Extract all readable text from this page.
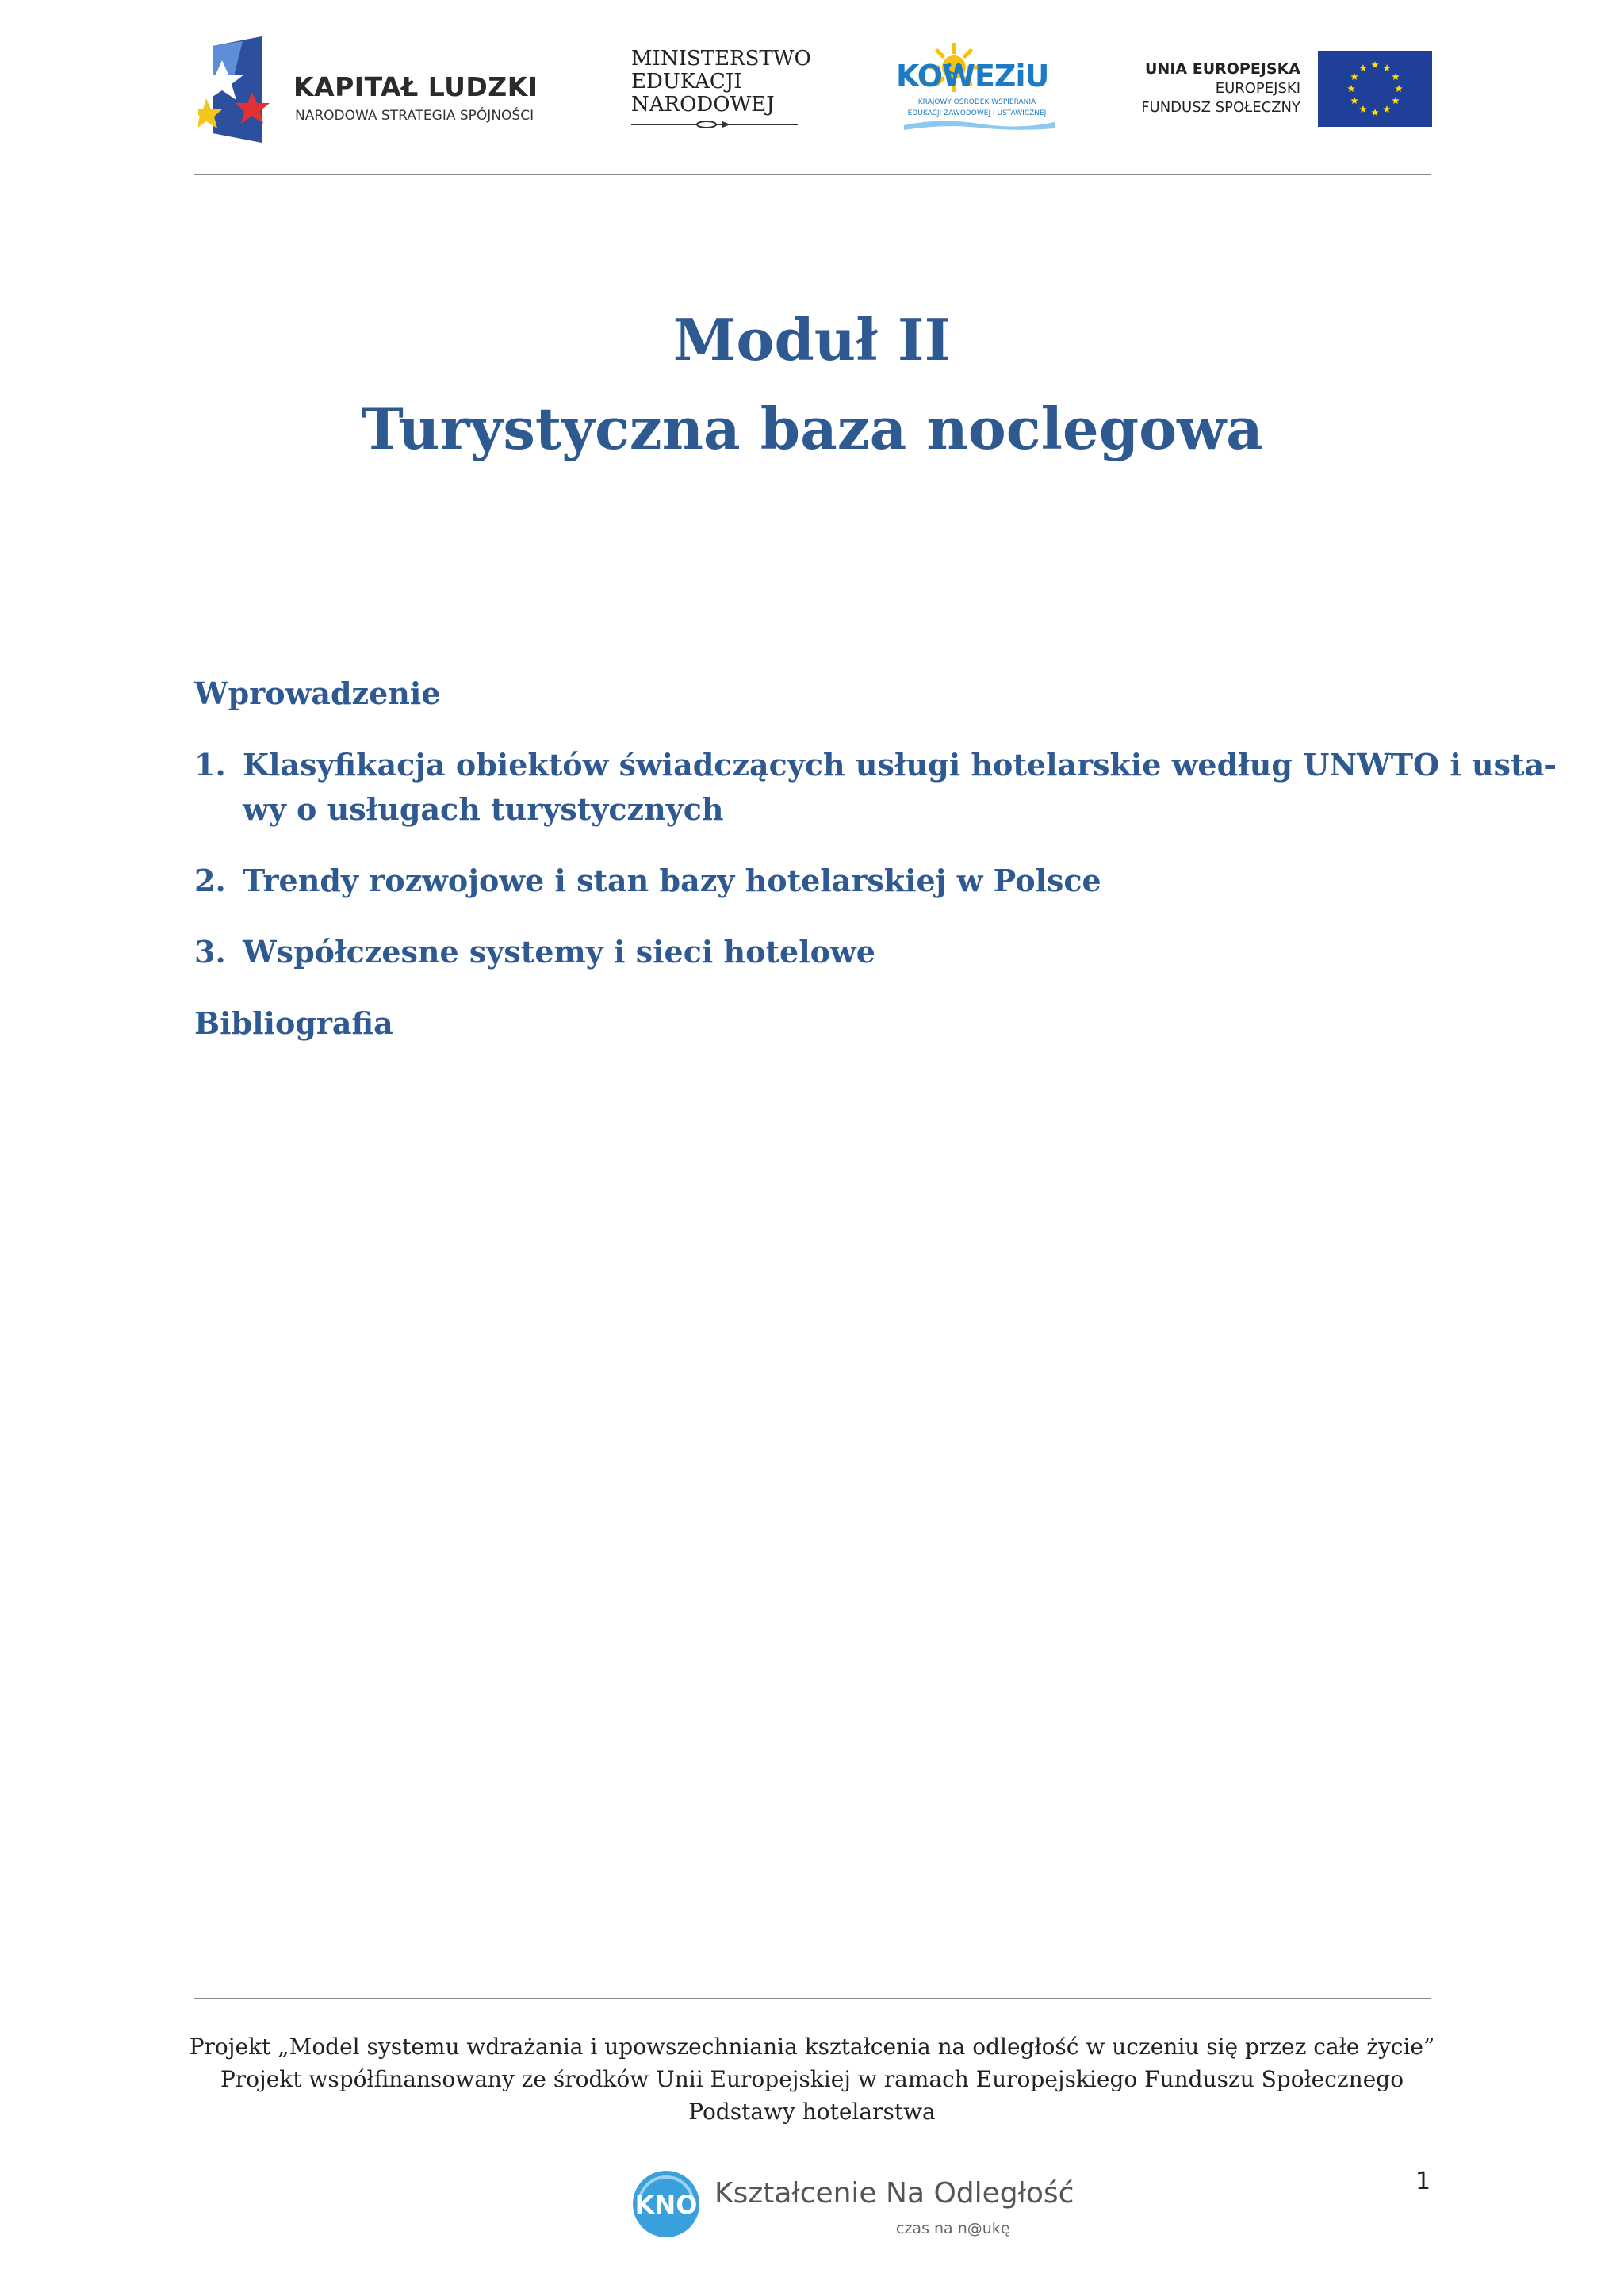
KAPITAŁ LUDZKI
NARODOWA STRATEGIA SPÓJNOŚCI
MINISTERSTWO
EDUKACJI
NARODOWEJ
KOWEZiU
KRAJOWY OŚRODEK WSPIERANIA
EDUKACJI ZAWODOWEJ I USTAWICZNEJ
UNIA EUROPEJSKA
EUROPEJSKI
FUNDUSZ SPOŁECZNY
Moduł II
Turystyczna baza noclegowa
Wprowadzenie
1. Klasyfikacja obiektów świadczących usługi hotelarskie według UNWTO i usta-
wy o usługach turystycznych
2. Trendy rozwojowe i stan bazy hotelarskiej w Polsce
3. Współczesne systemy i sieci hotelowe
Bibliografia
Projekt „Model systemu wdrażania i upowszechniania kształcenia na odległość w uczeniu się przez całe życie”
Projekt współfinansowany ze środków Unii Europejskiej w ramach Europejskiego Funduszu Społecznego
Podstawy hotelarstwa
KNO Kształcenie Na Odległość
czas na n@ukę
1
